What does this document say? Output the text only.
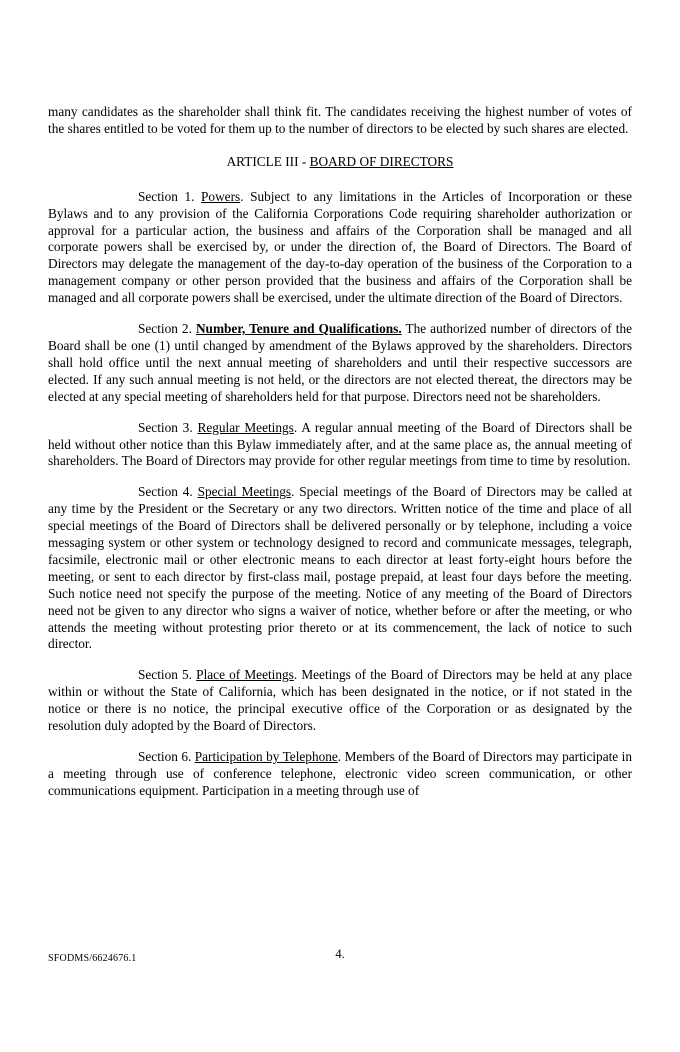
many candidates as the shareholder shall think fit. The candidates receiving the highest number of votes of the shares entitled to be voted for them up to the number of directors to be elected by such shares are elected.

ARTICLE III - BOARD OF DIRECTORS

Section 1. Powers. Subject to any limitations in the Articles of Incorporation or these Bylaws and to any provision of the California Corporations Code requiring shareholder authorization or approval for a particular action, the business and affairs of the Corporation shall be managed and all corporate powers shall be exercised by, or under the direction of, the Board of Directors. The Board of Directors may delegate the management of the day-to-day operation of the business of the Corporation to a management company or other person provided that the business and affairs of the Corporation shall be managed and all corporate powers shall be exercised, under the ultimate direction of the Board of Directors.

Section 2. Number, Tenure and Qualifications. The authorized number of directors of the Board shall be one (1) until changed by amendment of the Bylaws approved by the shareholders. Directors shall hold office until the next annual meeting of shareholders and until their respective successors are elected. If any such annual meeting is not held, or the directors are not elected thereat, the directors may be elected at any special meeting of shareholders held for that purpose. Directors need not be shareholders.

Section 3. Regular Meetings. A regular annual meeting of the Board of Directors shall be held without other notice than this Bylaw immediately after, and at the same place as, the annual meeting of shareholders. The Board of Directors may provide for other regular meetings from time to time by resolution.

Section 4. Special Meetings. Special meetings of the Board of Directors may be called at any time by the President or the Secretary or any two directors. Written notice of the time and place of all special meetings of the Board of Directors shall be delivered personally or by telephone, including a voice messaging system or other system or technology designed to record and communicate messages, telegraph, facsimile, electronic mail or other electronic means to each director at least forty-eight hours before the meeting, or sent to each director by first-class mail, postage prepaid, at least four days before the meeting. Such notice need not specify the purpose of the meeting. Notice of any meeting of the Board of Directors need not be given to any director who signs a waiver of notice, whether before or after the meeting, or who attends the meeting without protesting prior thereto or at its commencement, the lack of notice to such director.

Section 5. Place of Meetings. Meetings of the Board of Directors may be held at any place within or without the State of California, which has been designated in the notice, or if not stated in the notice or there is no notice, the principal executive office of the Corporation or as designated by the resolution duly adopted by the Board of Directors.

Section 6. Participation by Telephone. Members of the Board of Directors may participate in a meeting through use of conference telephone, electronic video screen communication, or other communications equipment. Participation in a meeting through use of

4.
SFODMS/6624676.1
